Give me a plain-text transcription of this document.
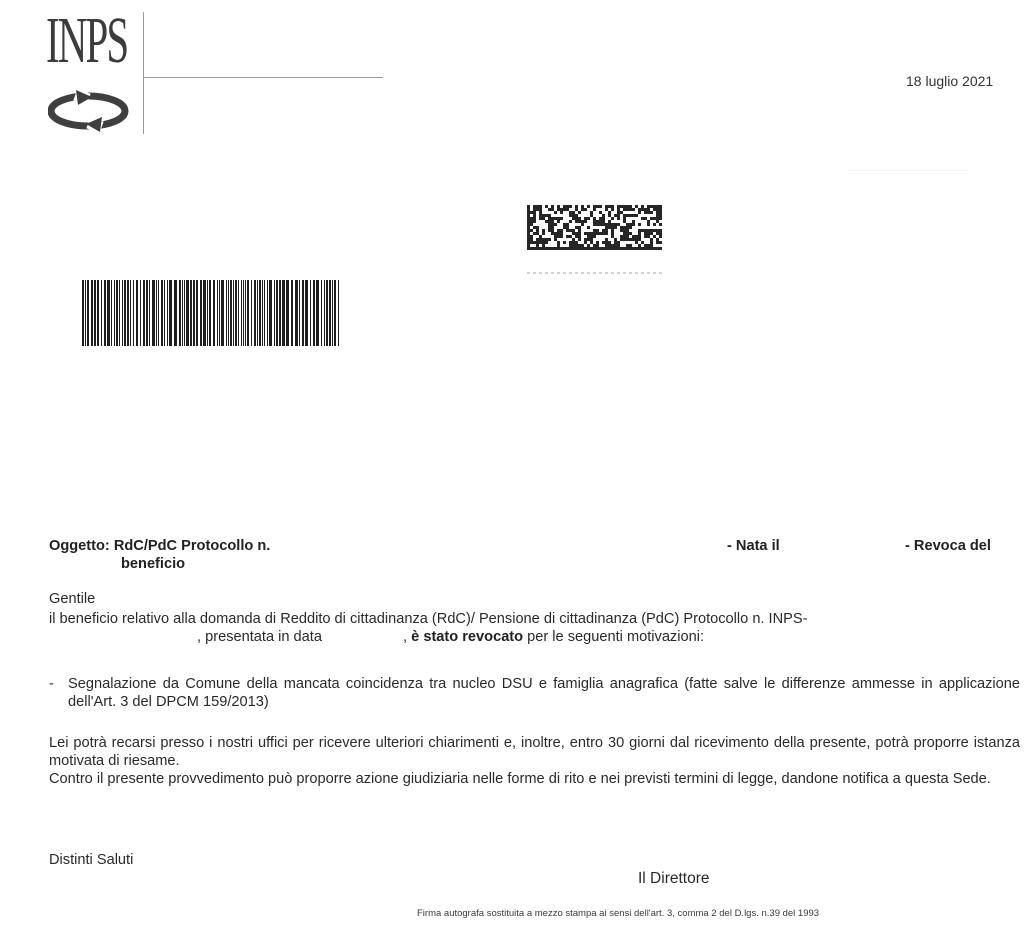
INPS
18 luglio 2021
Oggetto: RdC/PdC Protocollo n.
beneficio
- Nata il	- Revoca del
Gentile
il beneficio relativo alla domanda di Reddito di cittadinanza (RdC)/ Pensione di cittadinanza (PdC) Protocollo n. INPS-
, presentata in data                    , è stato revocato per le seguenti motivazioni:
- Segnalazione da Comune della mancata coincidenza tra nucleo DSU e famiglia anagrafica (fatte salve le differenze ammesse in applicazione dell'Art. 3 del DPCM 159/2013)
Lei potrà recarsi presso i nostri uffici per ricevere ulteriori chiarimenti e, inoltre, entro 30 giorni dal ricevimento della presente, potrà proporre istanza motivata di riesame.
Contro il presente provvedimento può proporre azione giudiziaria nelle forme di rito e nei previsti termini di legge, dandone notifica a questa Sede.
Distinti Saluti
Il Direttore
Firma autografa sostituita a mezzo stampa ai sensi dell'art. 3, comma 2 del D.lgs. n.39 del 1993
